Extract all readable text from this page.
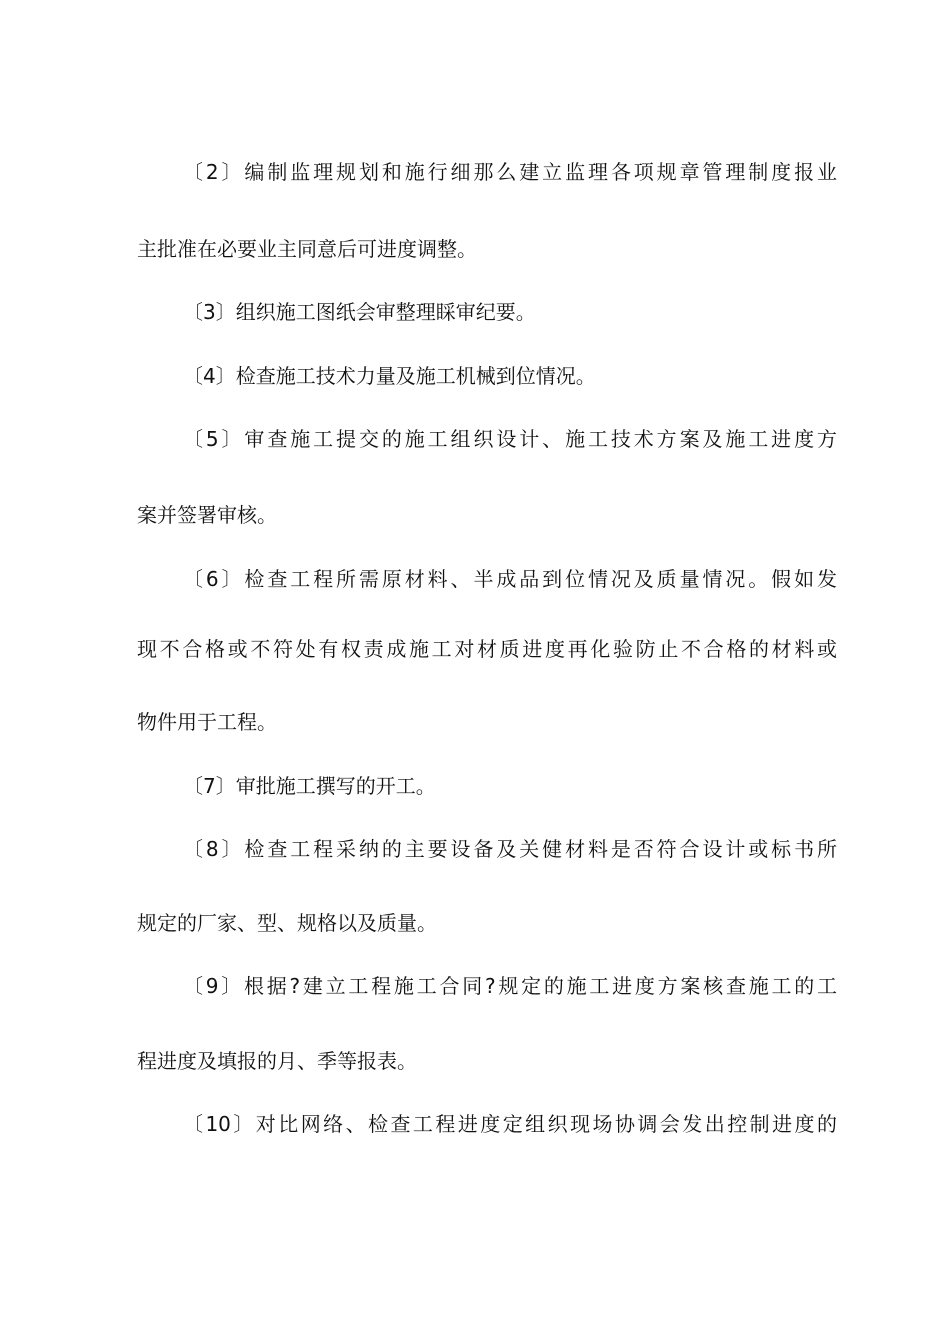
〔2〕编制监理规划和施行细那么建立监理各项规章管理制度报业
主批准在必要业主同意后可进度调整。
〔3〕组织施工图纸会审整理睬审纪要。
〔4〕检查施工技术力量及施工机械到位情况。
〔5〕审查施工提交的施工组织设计、施工技术方案及施工进度方
案并签署审核。
〔6〕检查工程所需原材料、半成品到位情况及质量情况。假如发
现不合格或不符处有权责成施工对材质进度再化验防止不合格的材料或
物件用于工程。
〔7〕审批施工撰写的开工。
〔8〕检查工程采纳的主要设备及关健材料是否符合设计或标书所
规定的厂家、型、规格以及质量。
〔9〕根据?建立工程施工合同?规定的施工进度方案核查施工的工
程进度及填报的月、季等报表。
〔10〕对比网络、检查工程进度定组织现场协调会发出控制进度的
